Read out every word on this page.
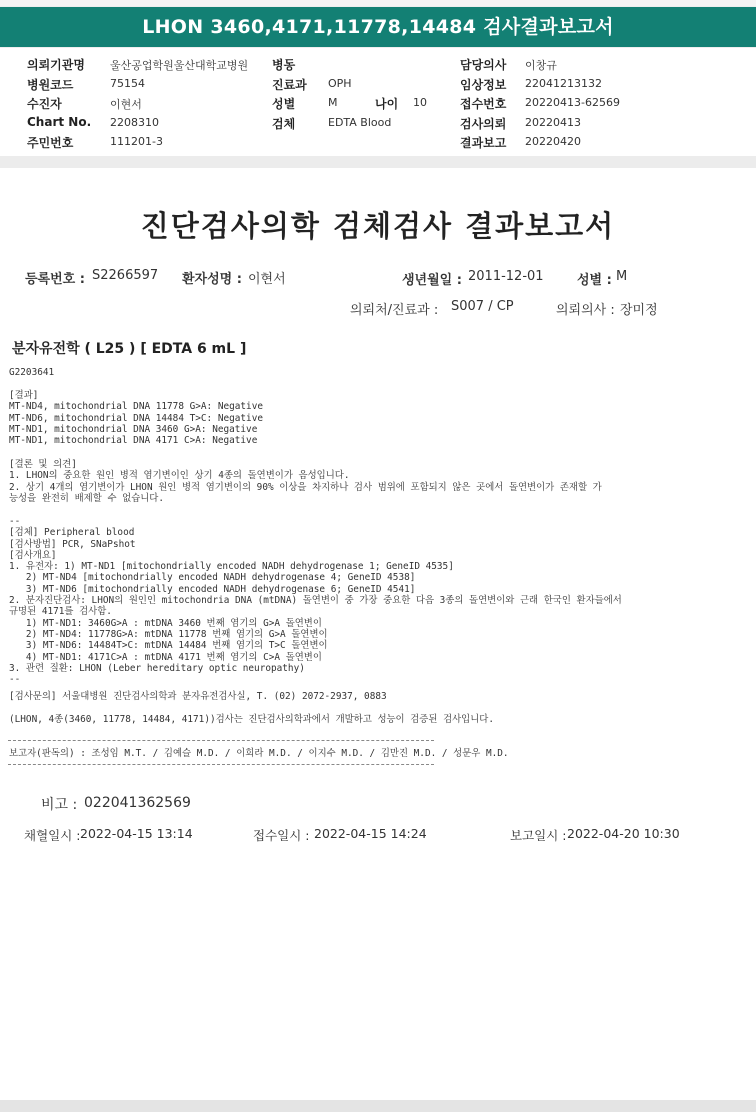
LHON 3460,4171,11778,14484 검사결과보고서
의뢰기관명 울산공업학원울산대학교병원 병동	담당의사 이창규
병원코드	75154	진료과 OPH	임상정보 22041213132
수진자	이현서	성별	M	나이 10	접수번호 20220413-62569
Chart No. 2208310	검체	EDTA Blood	검사의뢰 20220413
주민번호	111201-3	결과보고 20220420
진단검사의학 검체검사 결과보고서
등록번호 : S2266597 환자성명 : 이현서	생년월일 : 2011-12-01	성별 : M
의뢰처/진료과 : S007 / CP	의뢰의사 : 장미정
분자유전학 ( L25 ) [ EDTA 6 mL ]
G2203641
[결과]
MT-ND4, mitochondrial DNA 11778 G>A: Negative
MT-ND6, mitochondrial DNA 14484 T>C: Negative
MT-ND1, mitochondrial DNA 3460 G>A: Negative
MT-ND1, mitochondrial DNA 4171 C>A: Negative
[결론 및 의견]
1. LHON의 중요한 원인 병적 염기변이인 상기 4종의 돌연변이가 음성입니다.
2. 상기 4개의 염기변이가 LHON 원인 병적 염기변이의 90% 이상을 차지하나 검사 범위에 포함되지 않은 곳에서 돌연변이가 존재할 가
능성을 완전히 배제할 수 없습니다.
--
[검체] Peripheral blood
[검사방법] PCR, SNaPshot
[검사개요]
1. 유전자: 1) MT-ND1 [mitochondrially encoded NADH dehydrogenase 1; GeneID 4535]
2) MT-ND4 [mitochondrially encoded NADH dehydrogenase 4; GeneID 4538]
3) MT-ND6 [mitochondrially encoded NADH dehydrogenase 6; GeneID 4541]
2. 분자진단검사: LHON의 원인인 mitochondria DNA (mtDNA) 돌연변이 중 가장 중요한 다음 3종의 돌연변이와 근래 한국인 환자들에서
규명된 4171를 검사함.
1) MT-ND1: 3460G>A : mtDNA 3460 번째 염기의 G>A 돌연변이
2) MT-ND4: 11778G>A: mtDNA 11778 번째 염기의 G>A 돌연변이
3) MT-ND6: 14484T>C: mtDNA 14484 번째 염기의 T>C 돌연변이
4) MT-ND1: 4171C>A : mtDNA 4171 번째 염기의 C>A 돌연변이
3. 관련 질환: LHON (Leber hereditary optic neuropathy)
--
[검사문의] 서울대병원 진단검사의학과 분자유전검사실, T. (02) 2072-2937, 0883
(LHON, 4종(3460, 11778, 14484, 4171))검사는 진단검사의학과에서 개발하고 성능이 검증된 검사입니다.
보고자(판독의) : 조성임 M.T. / 김예슬 M.D. / 이희라 M.D. / 이지수 M.D. / 김만진 M.D. / 성문우 M.D.
비고 : 022041362569
채혈일시 : 2022-04-15 13:14	접수일시 : 2022-04-15 14:24	보고일시 : 2022-04-20 10:30
